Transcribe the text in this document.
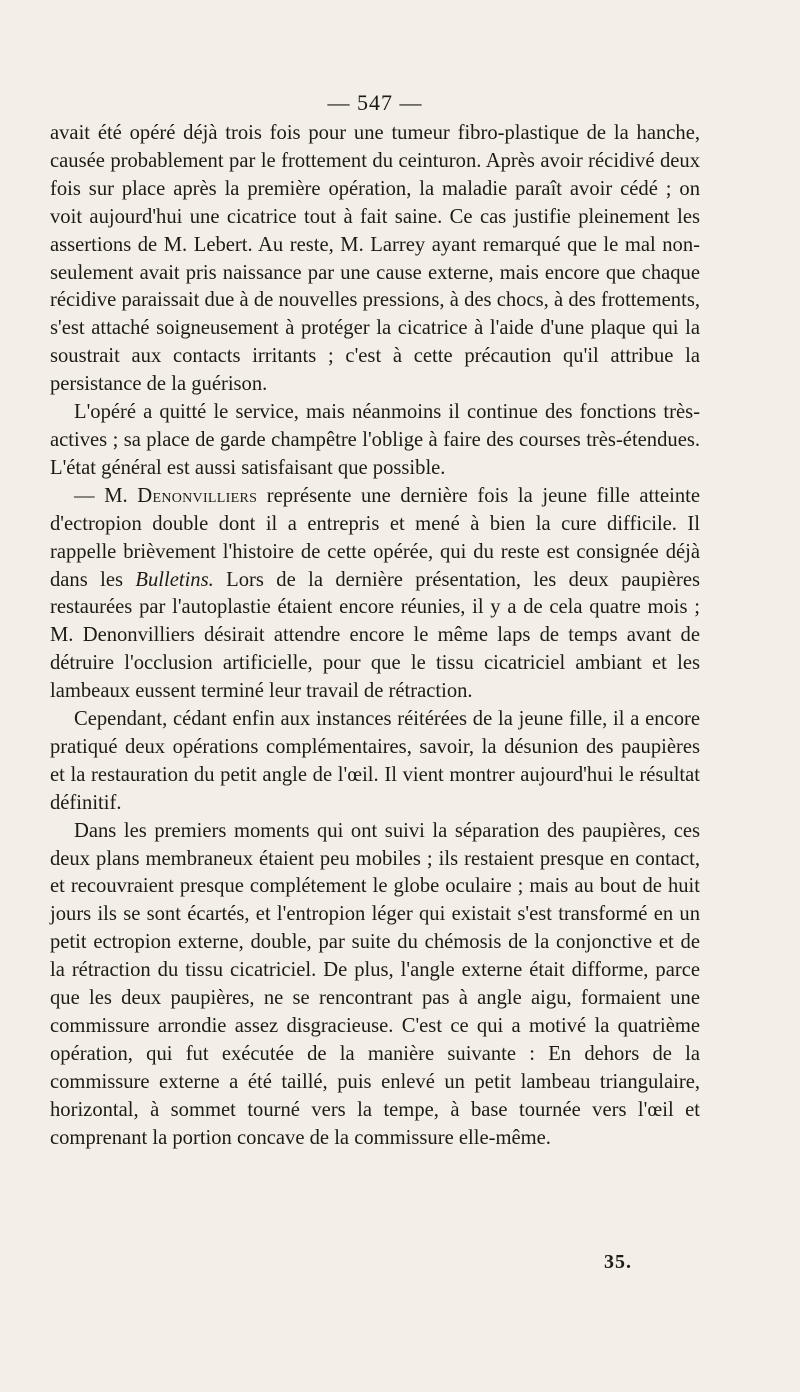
— 547 —

avait été opéré déjà trois fois pour une tumeur fibro-plastique de la hanche, causée probablement par le frottement du ceinturon. Après avoir récidivé deux fois sur place après la première opération, la maladie paraît avoir cédé ; on voit aujourd'hui une cicatrice tout à fait saine. Ce cas justifie pleinement les assertions de M. Lebert. Au reste, M. Larrey ayant remarqué que le mal non-seulement avait pris naissance par une cause externe, mais encore que chaque récidive paraissait due à de nouvelles pressions, à des chocs, à des frottements, s'est attaché soigneusement à protéger la cicatrice à l'aide d'une plaque qui la soustrait aux contacts irritants ; c'est à cette précaution qu'il attribue la persistance de la guérison.

L'opéré a quitté le service, mais néanmoins il continue des fonctions très-actives ; sa place de garde champêtre l'oblige à faire des courses très-étendues. L'état général est aussi satisfaisant que possible.

— M. Denonvilliers représente une dernière fois la jeune fille atteinte d'ectropion double dont il a entrepris et mené à bien la cure difficile. Il rappelle brièvement l'histoire de cette opérée, qui du reste est consignée déjà dans les Bulletins. Lors de la dernière présentation, les deux paupières restaurées par l'autoplastie étaient encore réunies, il y a de cela quatre mois ; M. Denonvilliers désirait attendre encore le même laps de temps avant de détruire l'occlusion artificielle, pour que le tissu cicatriciel ambiant et les lambeaux eussent terminé leur travail de rétraction.

Cependant, cédant enfin aux instances réitérées de la jeune fille, il a encore pratiqué deux opérations complémentaires, savoir, la désunion des paupières et la restauration du petit angle de l'œil. Il vient montrer aujourd'hui le résultat définitif.

Dans les premiers moments qui ont suivi la séparation des paupières, ces deux plans membraneux étaient peu mobiles ; ils restaient presque en contact, et recouvraient presque complétement le globe oculaire ; mais au bout de huit jours ils se sont écartés, et l'entropion léger qui existait s'est transformé en un petit ectropion externe, double, par suite du chémosis de la conjonctive et de la rétraction du tissu cicatriciel. De plus, l'angle externe était difforme, parce que les deux paupières, ne se rencontrant pas à angle aigu, formaient une commissure arrondie assez disgracieuse. C'est ce qui a motivé la quatrième opération, qui fut exécutée de la manière suivante : En dehors de la commissure externe a été taillé, puis enlevé un petit lambeau triangulaire, horizontal, à sommet tourné vers la tempe, à base tournée vers l'œil et comprenant la portion concave de la commissure elle-même.

35.
